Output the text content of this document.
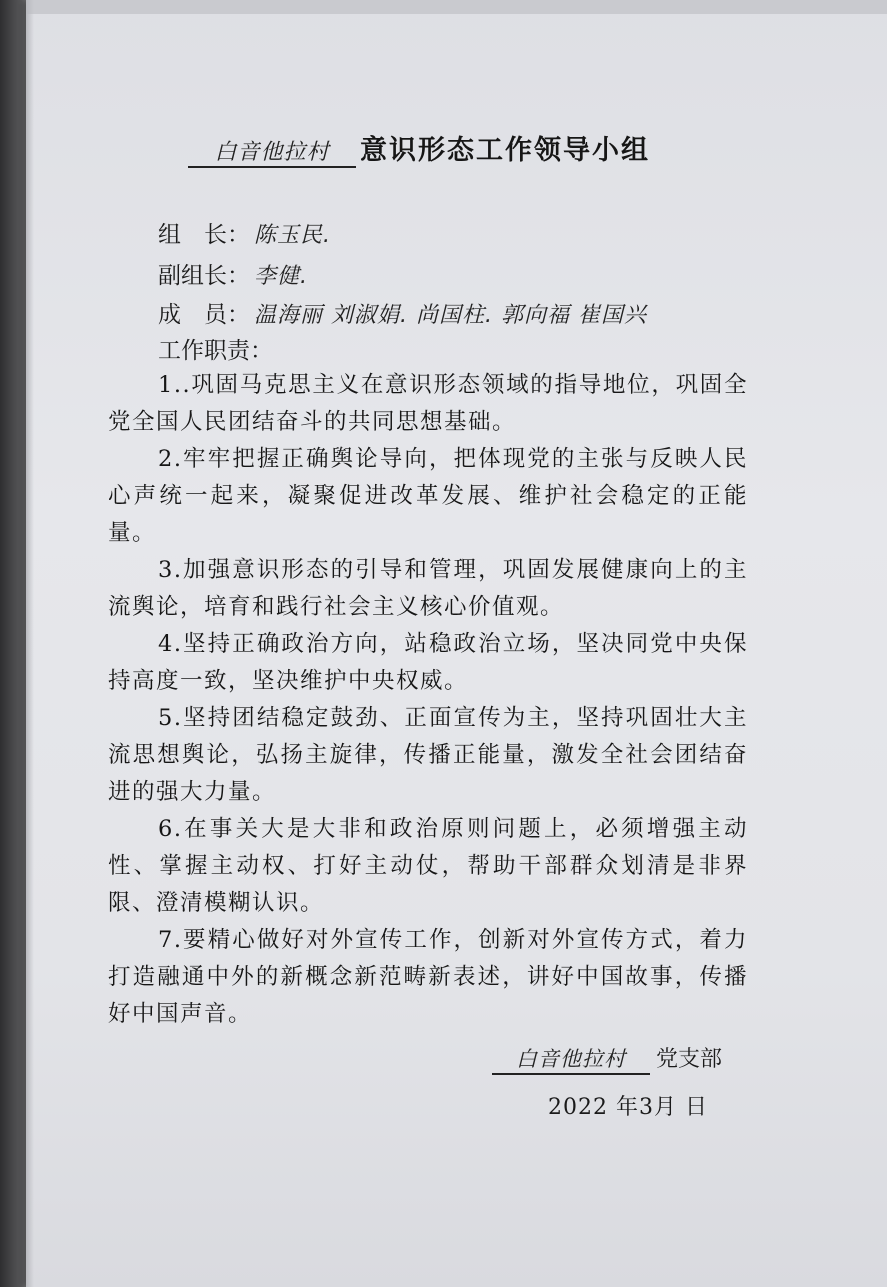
白音他拉村 意识形态工作领导小组
组　长： 陈玉民.
副组长： 李健.
成　员： 温海丽 刘淑娟. 尚国柱. 郭向福 崔国兴
工作职责：

1..巩固马克思主义在意识形态领域的指导地位，巩固全党全国人民团结奋斗的共同思想基础。

2.牢牢把握正确舆论导向，把体现党的主张与反映人民心声统一起来，凝聚促进改革发展、维护社会稳定的正能量。

3.加强意识形态的引导和管理，巩固发展健康向上的主流舆论，培育和践行社会主义核心价值观。

4.坚持正确政治方向，站稳政治立场，坚决同党中央保持高度一致，坚决维护中央权威。

5.坚持团结稳定鼓劲、正面宣传为主，坚持巩固壮大主流思想舆论，弘扬主旋律，传播正能量，激发全社会团结奋进的强大力量。

6.在事关大是大非和政治原则问题上，必须增强主动性、掌握主动权、打好主动仗，帮助干部群众划清是非界限、澄清模糊认识。

7.要精心做好对外宣传工作，创新对外宣传方式，着力打造融通中外的新概念新范畴新表述，讲好中国故事，传播好中国声音。

白音他拉村 党支部
2022 年3月 日
